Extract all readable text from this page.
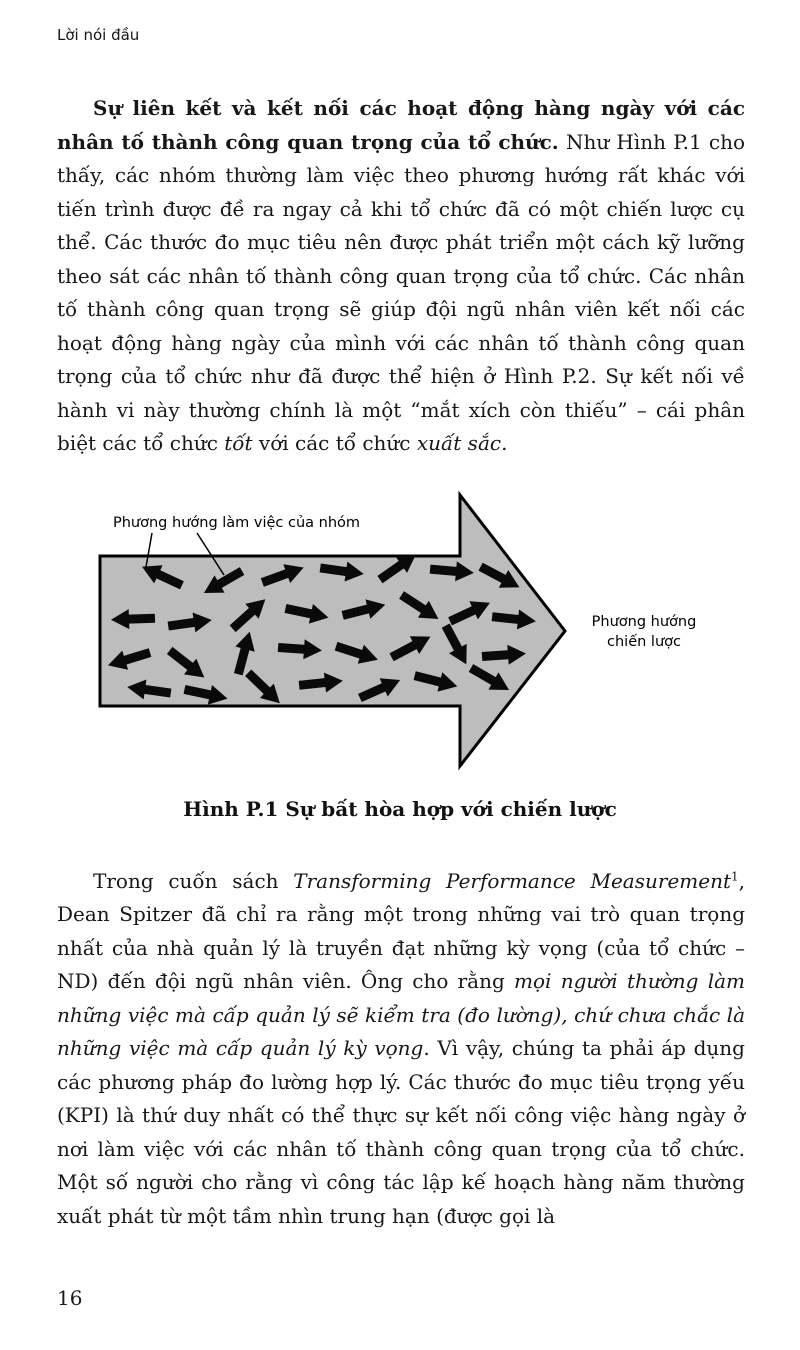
Lời nói đầu

Sự liên kết và kết nối các hoạt động hàng ngày với các nhân tố thành công quan trọng của tổ chức. Như Hình P.1 cho thấy, các nhóm thường làm việc theo phương hướng rất khác với tiến trình được đề ra ngay cả khi tổ chức đã có một chiến lược cụ thể. Các thước đo mục tiêu nên được phát triển một cách kỹ lưỡng theo sát các nhân tố thành công quan trọng của tổ chức. Các nhân tố thành công quan trọng sẽ giúp đội ngũ nhân viên kết nối các hoạt động hàng ngày của mình với các nhân tố thành công quan trọng của tổ chức như đã được thể hiện ở Hình P.2. Sự kết nối về hành vi này thường chính là một “mắt xích còn thiếu” – cái phân biệt các tổ chức tốt với các tổ chức xuất sắc.

Phương hướng làm việc của nhóm
Phương hướng
chiến lược
Hình P.1 Sự bất hòa hợp với chiến lược

Trong cuốn sách Transforming Performance Measurement$^1$, Dean Spitzer đã chỉ ra rằng một trong những vai trò quan trọng nhất của nhà quản lý là truyền đạt những kỳ vọng (của tổ chức – ND) đến đội ngũ nhân viên. Ông cho rằng mọi người thường làm những việc mà cấp quản lý sẽ kiểm tra (đo lường), chứ chưa chắc là những việc mà cấp quản lý kỳ vọng. Vì vậy, chúng ta phải áp dụng các phương pháp đo lường hợp lý. Các thước đo mục tiêu trọng yếu (KPI) là thứ duy nhất có thể thực sự kết nối công việc hàng ngày ở nơi làm việc với các nhân tố thành công quan trọng của tổ chức. Một số người cho rằng vì công tác lập kế hoạch hàng năm thường xuất phát từ một tầm nhìn trung hạn (được gọi là

16
